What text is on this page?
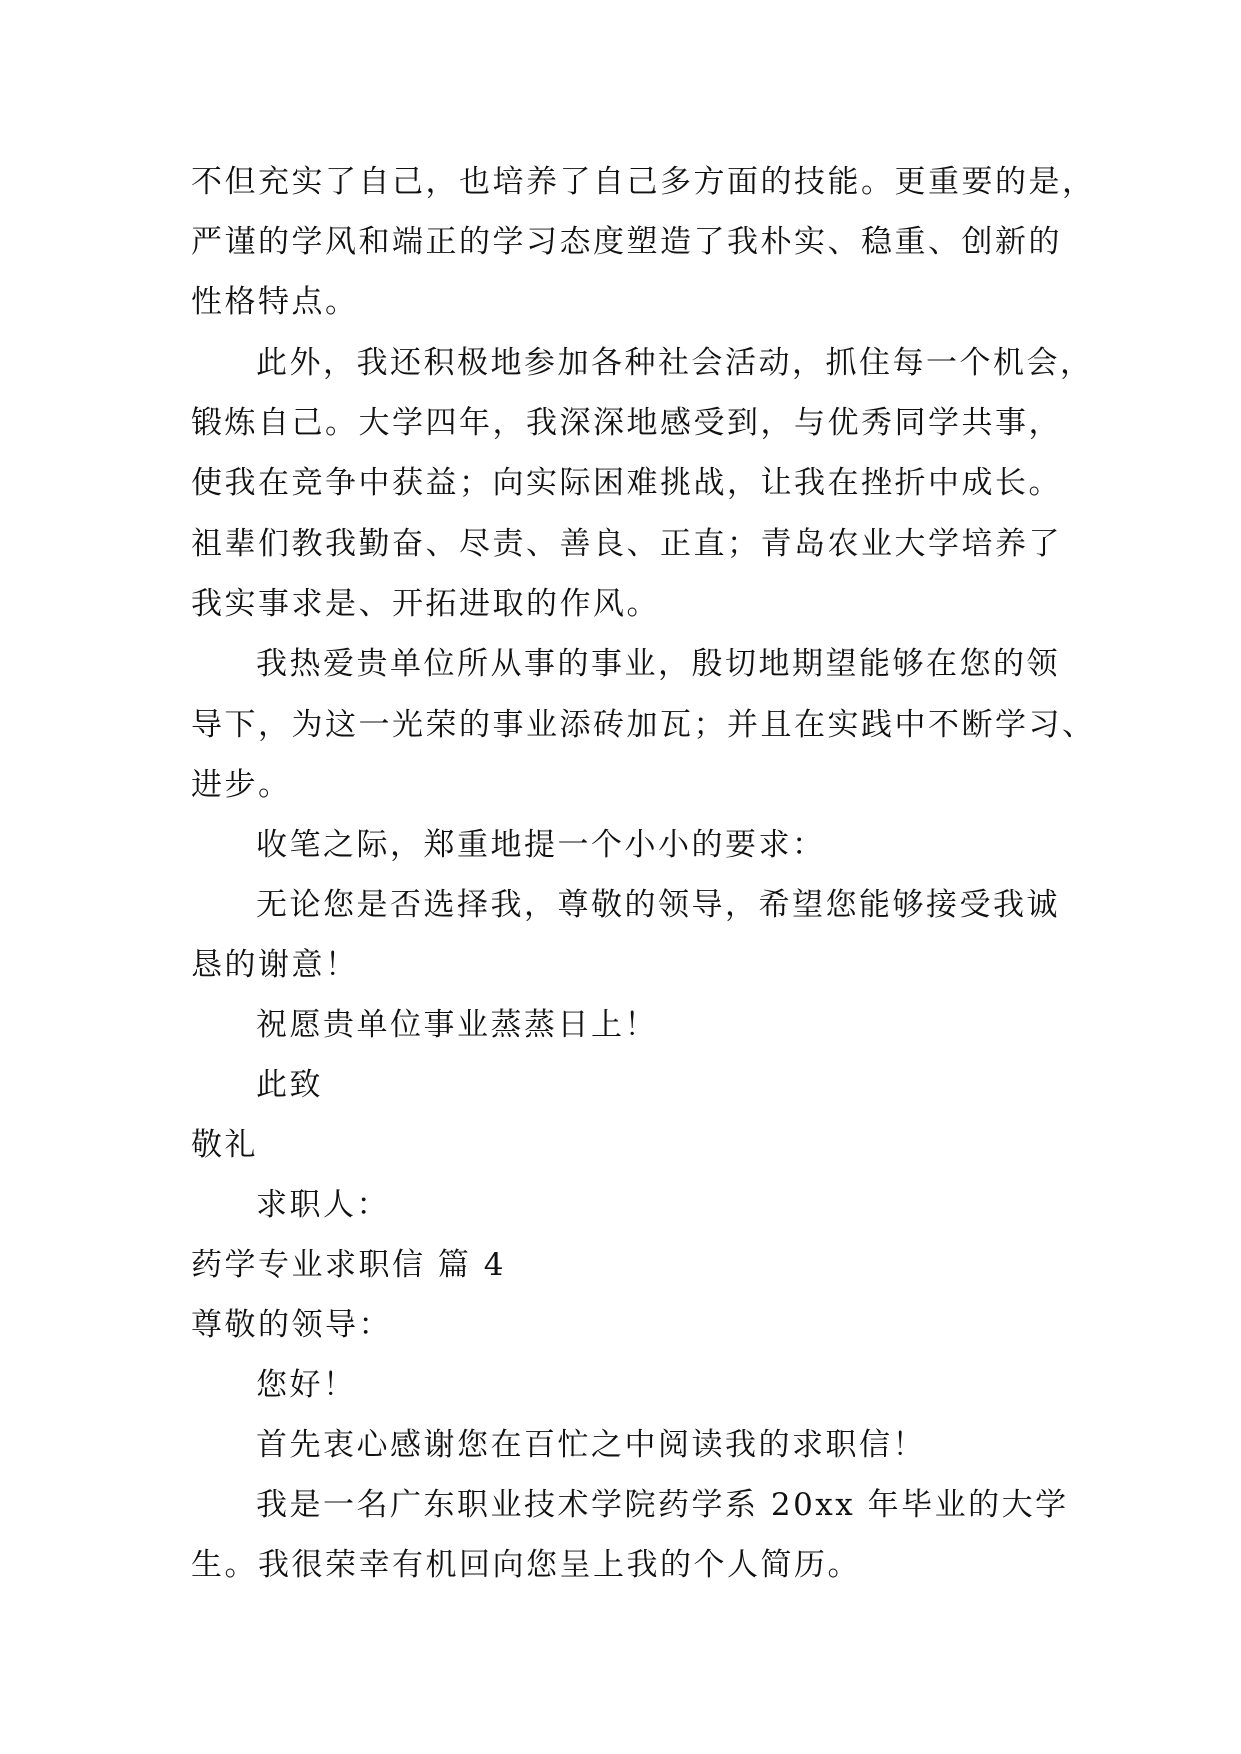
不但充实了自己，也培养了自己多方面的技能。更重要的是，
严谨的学风和端正的学习态度塑造了我朴实、稳重、创新的
性格特点。
此外，我还积极地参加各种社会活动，抓住每一个机会，
锻炼自己。大学四年，我深深地感受到，与优秀同学共事，
使我在竞争中获益；向实际困难挑战，让我在挫折中成长。
祖辈们教我勤奋、尽责、善良、正直；青岛农业大学培养了
我实事求是、开拓进取的作风。
我热爱贵单位所从事的事业，殷切地期望能够在您的领
导下，为这一光荣的事业添砖加瓦；并且在实践中不断学习、
进步。
收笔之际，郑重地提一个小小的要求：
无论您是否选择我，尊敬的领导，希望您能够接受我诚
恳的谢意！
祝愿贵单位事业蒸蒸日上！
此致
敬礼
求职人：
药学专业求职信 篇 4
尊敬的领导：
您好！
首先衷心感谢您在百忙之中阅读我的求职信！
我是一名广东职业技术学院药学系 20xx 年毕业的大学
生。我很荣幸有机回向您呈上我的个人简历。
